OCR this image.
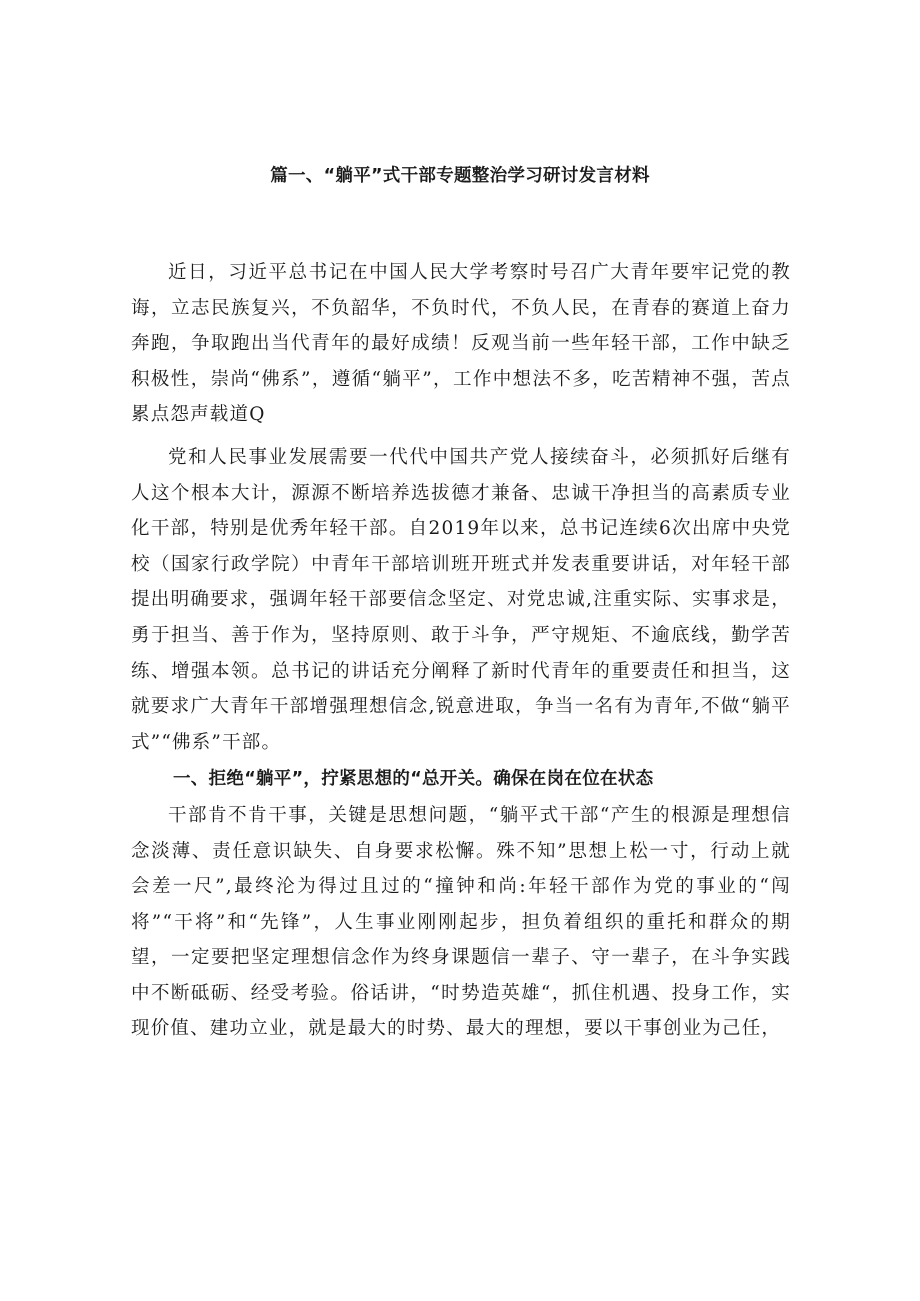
篇一、“躺平”式干部专题整治学习研讨发言材料

近日，习近平总书记在中国人民大学考察时号召广大青年要牢记党的教诲，立志民族复兴，不负韶华，不负时代，不负人民，在青春的赛道上奋力奔跑，争取跑出当代青年的最好成绩！反观当前一些年轻干部，工作中缺乏积极性，崇尚“佛系”，遵循“躺平”，工作中想法不多，吃苦精神不强，苦点累点怨声载道Q

党和人民事业发展需要一代代中国共产党人接续奋斗，必须抓好后继有人这个根本大计，源源不断培养选拔德才兼备、忠诚干净担当的高素质专业化干部，特别是优秀年轻干部。自2019年以来，总书记连续6次出席中央党校（国家行政学院）中青年干部培训班开班式并发表重要讲话，对年轻干部提出明确要求，强调年轻干部要信念坚定、对党忠诚,注重实际、实事求是，勇于担当、善于作为，坚持原则、敢于斗争，严守规矩、不逾底线，勤学苦练、增强本领。总书记的讲话充分阐释了新时代青年的重要责任和担当，这就要求广大青年干部增强理想信念,锐意进取，争当一名有为青年,不做“躺平式”“佛系”干部。

一、拒绝“躺平”，拧紧思想的“总开关。确保在岗在位在状态

干部肯不肯干事，关键是思想问题，“躺平式干部“产生的根源是理想信念淡薄、责任意识缺失、自身要求松懈。殊不知”思想上松一寸，行动上就会差一尺”,最终沦为得过且过的“撞钟和尚:年轻干部作为党的事业的“闯将”“干将”和“先锋”，人生事业刚刚起步，担负着组织的重托和群众的期望，一定要把坚定理想信念作为终身课题信一辈子、守一辈子，在斗争实践中不断砥砺、经受考验。俗话讲，“时势造英雄“，抓住机遇、投身工作，实现价值、建功立业，就是最大的时势、最大的理想，要以干事创业为己任，
